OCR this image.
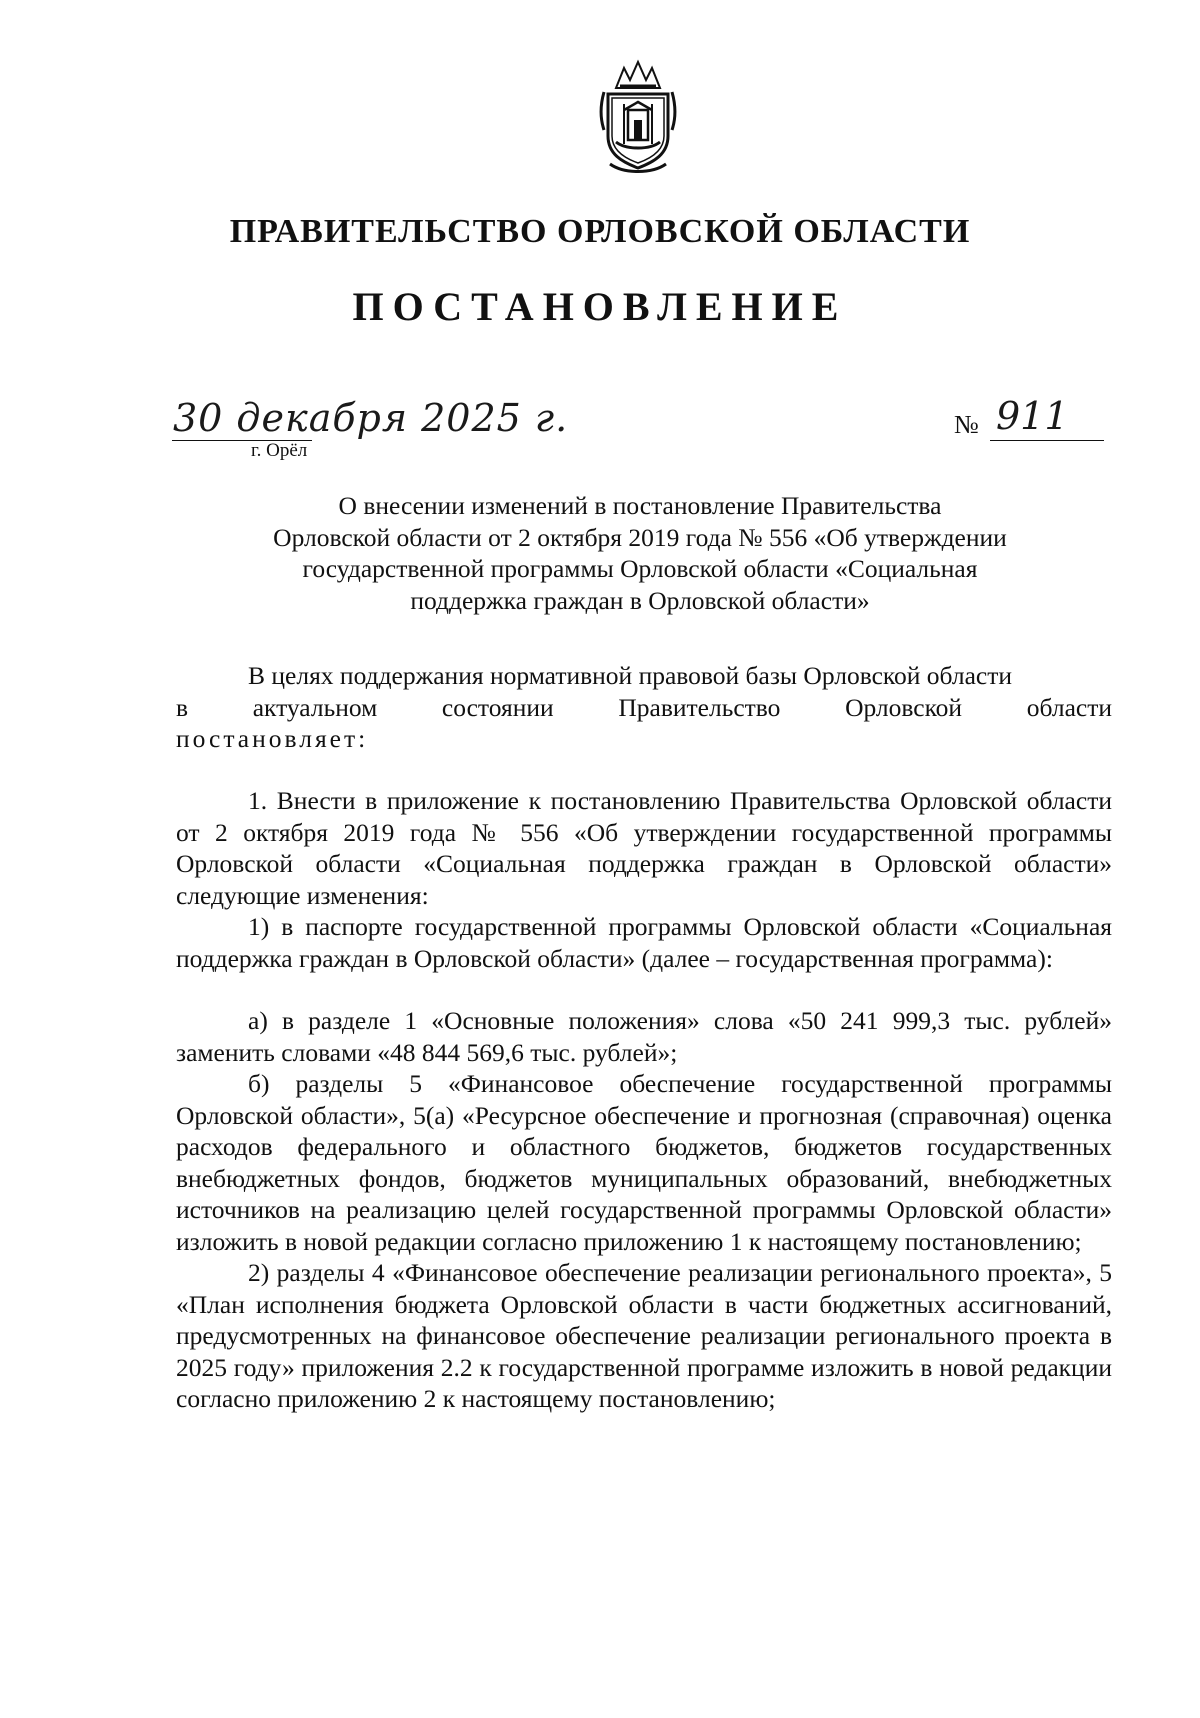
ПРАВИТЕЛЬСТВО ОРЛОВСКОЙ ОБЛАСТИ
ПОСТАНОВЛЕНИЕ
30 декабря 2025 г.
г. Орёл
№ 911
О внесении изменений в постановление Правительства
Орловской области от 2 октября 2019 года № 556 «Об утверждении
государственной программы Орловской области «Социальная
поддержка граждан в Орловской области»
В целях поддержания нормативной правовой базы Орловской области
в актуальном состоянии Правительство Орловской области
постановляет:
1. Внести в приложение к постановлению Правительства Орловской области от 2 октября 2019 года № 556 «Об утверждении государственной программы Орловской области «Социальная поддержка граждан в Орловской области» следующие изменения:
1) в паспорте государственной программы Орловской области «Социальная поддержка граждан в Орловской области» (далее – государственная программа):
а) в разделе 1 «Основные положения» слова «50 241 999,3 тыс. рублей» заменить словами «48 844 569,6 тыс. рублей»;
б) разделы 5 «Финансовое обеспечение государственной программы Орловской области», 5(а) «Ресурсное обеспечение и прогнозная (справочная) оценка расходов федерального и областного бюджетов, бюджетов государственных внебюджетных фондов, бюджетов муниципальных образований, внебюджетных источников на реализацию целей государственной программы Орловской области» изложить в новой редакции согласно приложению 1 к настоящему постановлению;
2) разделы 4 «Финансовое обеспечение реализации регионального проекта», 5 «План исполнения бюджета Орловской области в части бюджетных ассигнований, предусмотренных на финансовое обеспечение реализации регионального проекта в 2025 году» приложения 2.2 к государственной программе изложить в новой редакции согласно приложению 2 к настоящему постановлению;
